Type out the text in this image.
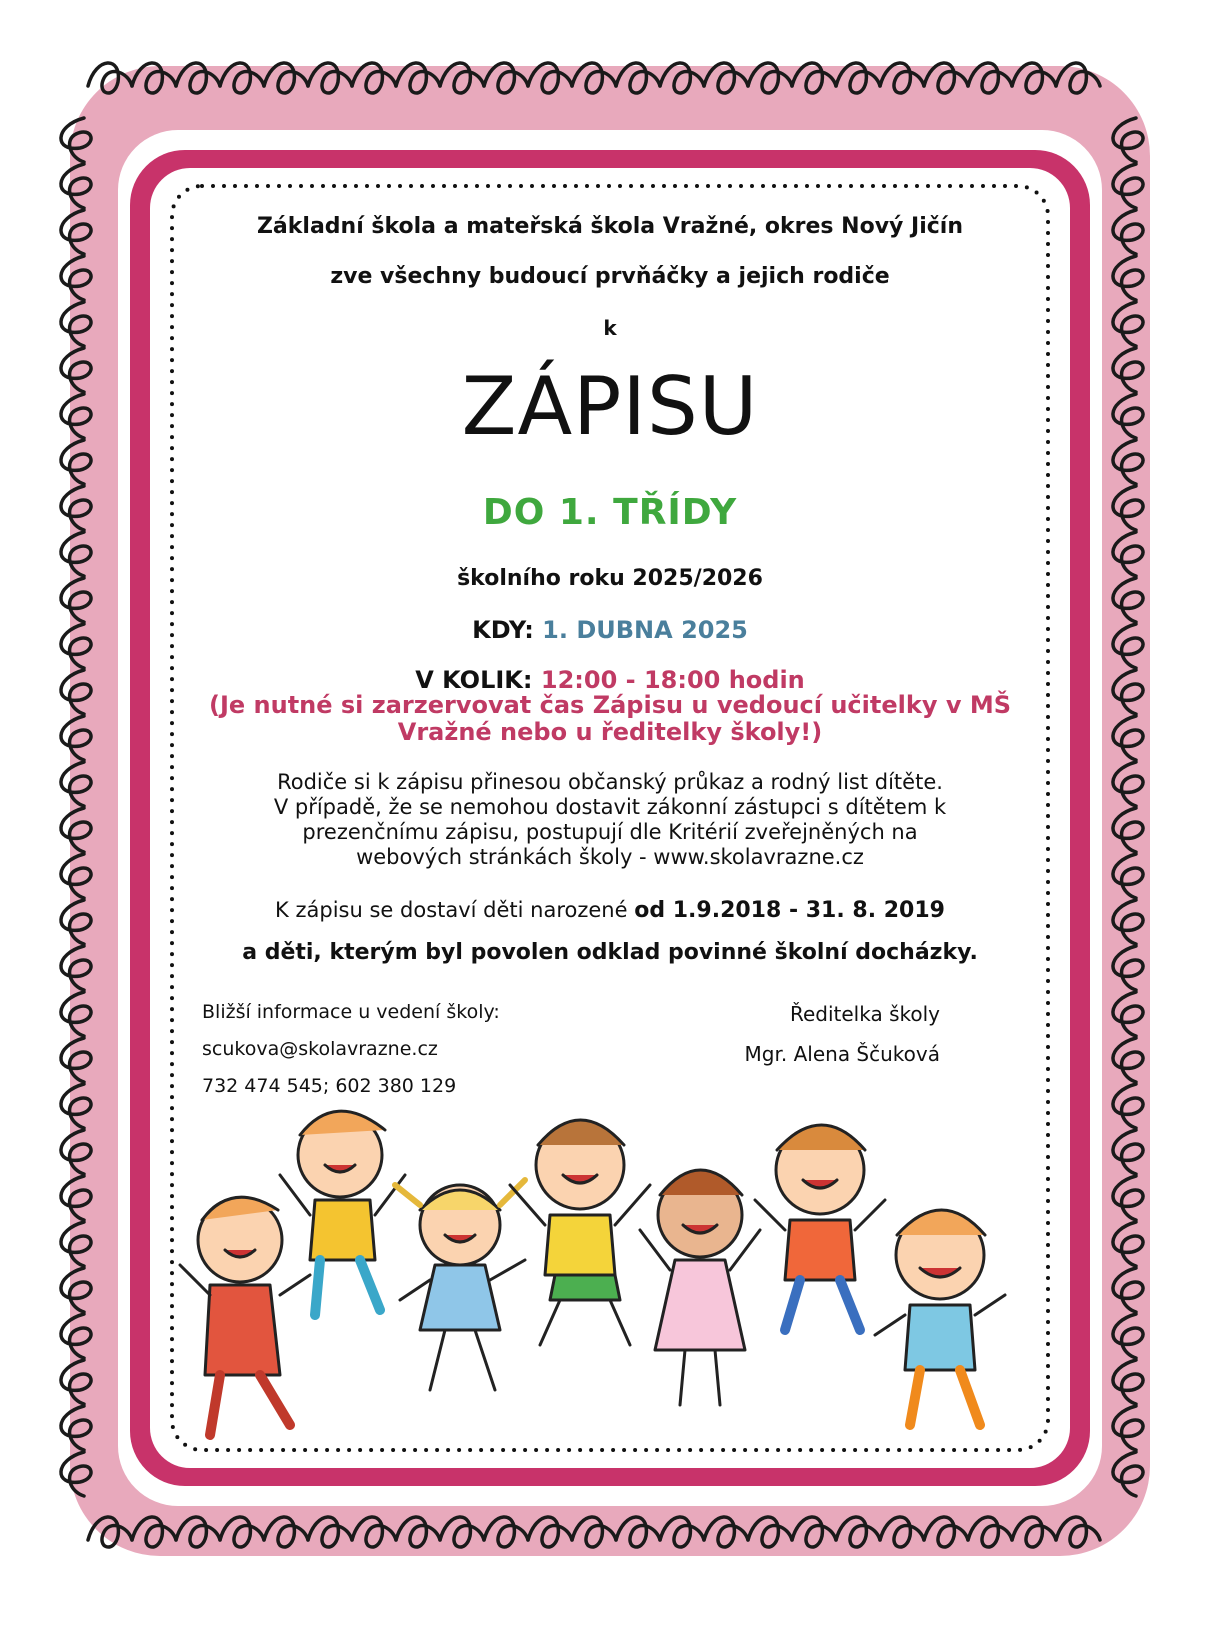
Základní škola a mateřská škola Vražné, okres Nový Jičín
zve všechny budoucí prvňáčky a jejich rodiče
k
ZÁPISU
DO 1. TŘÍDY
školního roku 2025/2026
KDY: 1. DUBNA 2025
V KOLIK: 12:00 - 18:00 hodin
(Je nutné si zarzervovat čas Zápisu u vedoucí učitelky v MŠ
Vražné nebo u ředitelky školy!)
Rodiče si k zápisu přinesou občanský průkaz a rodný list dítěte.
V případě, že se nemohou dostavit zákonní zástupci s dítětem k
prezenčnímu zápisu, postupují dle Kritérií zveřejněných na
webových stránkách školy - www.skolavrazne.cz
K zápisu se dostaví děti narozené od 1.9.2018 - 31. 8. 2019
a děti, kterým byl povolen odklad povinné školní docházky.
Bližší informace u vedení školy:
scukova@skolavrazne.cz
732 474 545; 602 380 129
Ředitelka školy
Mgr. Alena Ščuková
